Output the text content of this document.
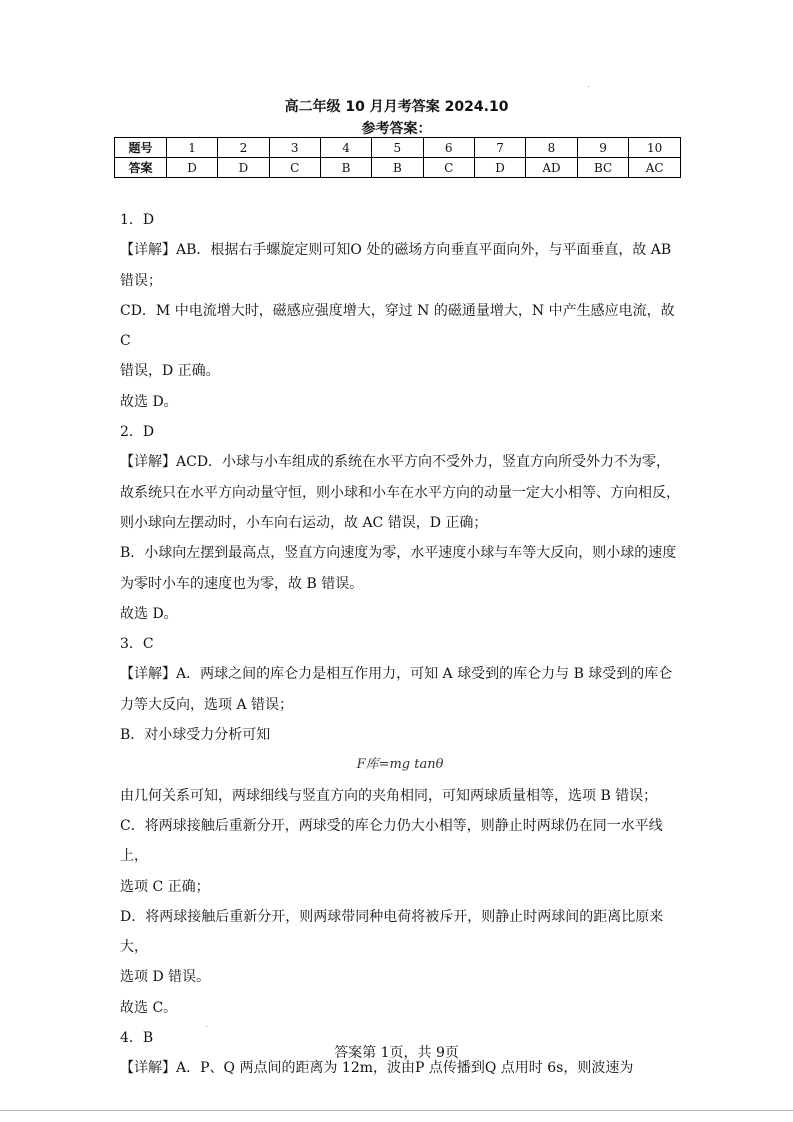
高二年级 10 月月考答案 2024.10
参考答案：
题号	1	2	3	4	5	6	7	8	9	10
答案	D	D	C	B	B	C	D	AD	BC	AC

1．D

【详解】AB．根据右手螺旋定则可知O 处的磁场方向垂直平面向外，与平面垂直，故 AB

错误；

CD．M 中电流增大时，磁感应强度增大，穿过 N 的磁通量增大，N 中产生感应电流，故 C

错误，D 正确。

故选 D。

2．D

【详解】ACD．小球与小车组成的系统在水平方向不受外力，竖直方向所受外力不为零，

故系统只在水平方向动量守恒，则小球和小车在水平方向的动量一定大小相等、方向相反，

则小球向左摆动时，小车向右运动，故 AC 错误，D 正确；

B．小球向左摆到最高点，竖直方向速度为零，水平速度小球与车等大反向，则小球的速度

为零时小车的速度也为零，故 B 错误。

故选 D。

3．C

【详解】A．两球之间的库仑力是相互作用力，可知 A 球受到的库仑力与 B 球受到的库仑

力等大反向，选项 A 错误；

B．对小球受力分析可知

F库=mg tanθ

由几何关系可知，两球细线与竖直方向的夹角相同，可知两球质量相等，选项 B 错误；

C．将两球接触后重新分开，两球受的库仑力仍大小相等，则静止时两球仍在同一水平线上，

选项 C 正确；

D．将两球接触后重新分开，则两球带同种电荷将被斥开，则静止时两球间的距离比原来大，

选项 D 错误。

故选 C。

4．B

【详解】A．P、Q 两点间的距离为 12m，波由P 点传播到Q 点用时 6s，则波速为

答案第 1页，共 9页
